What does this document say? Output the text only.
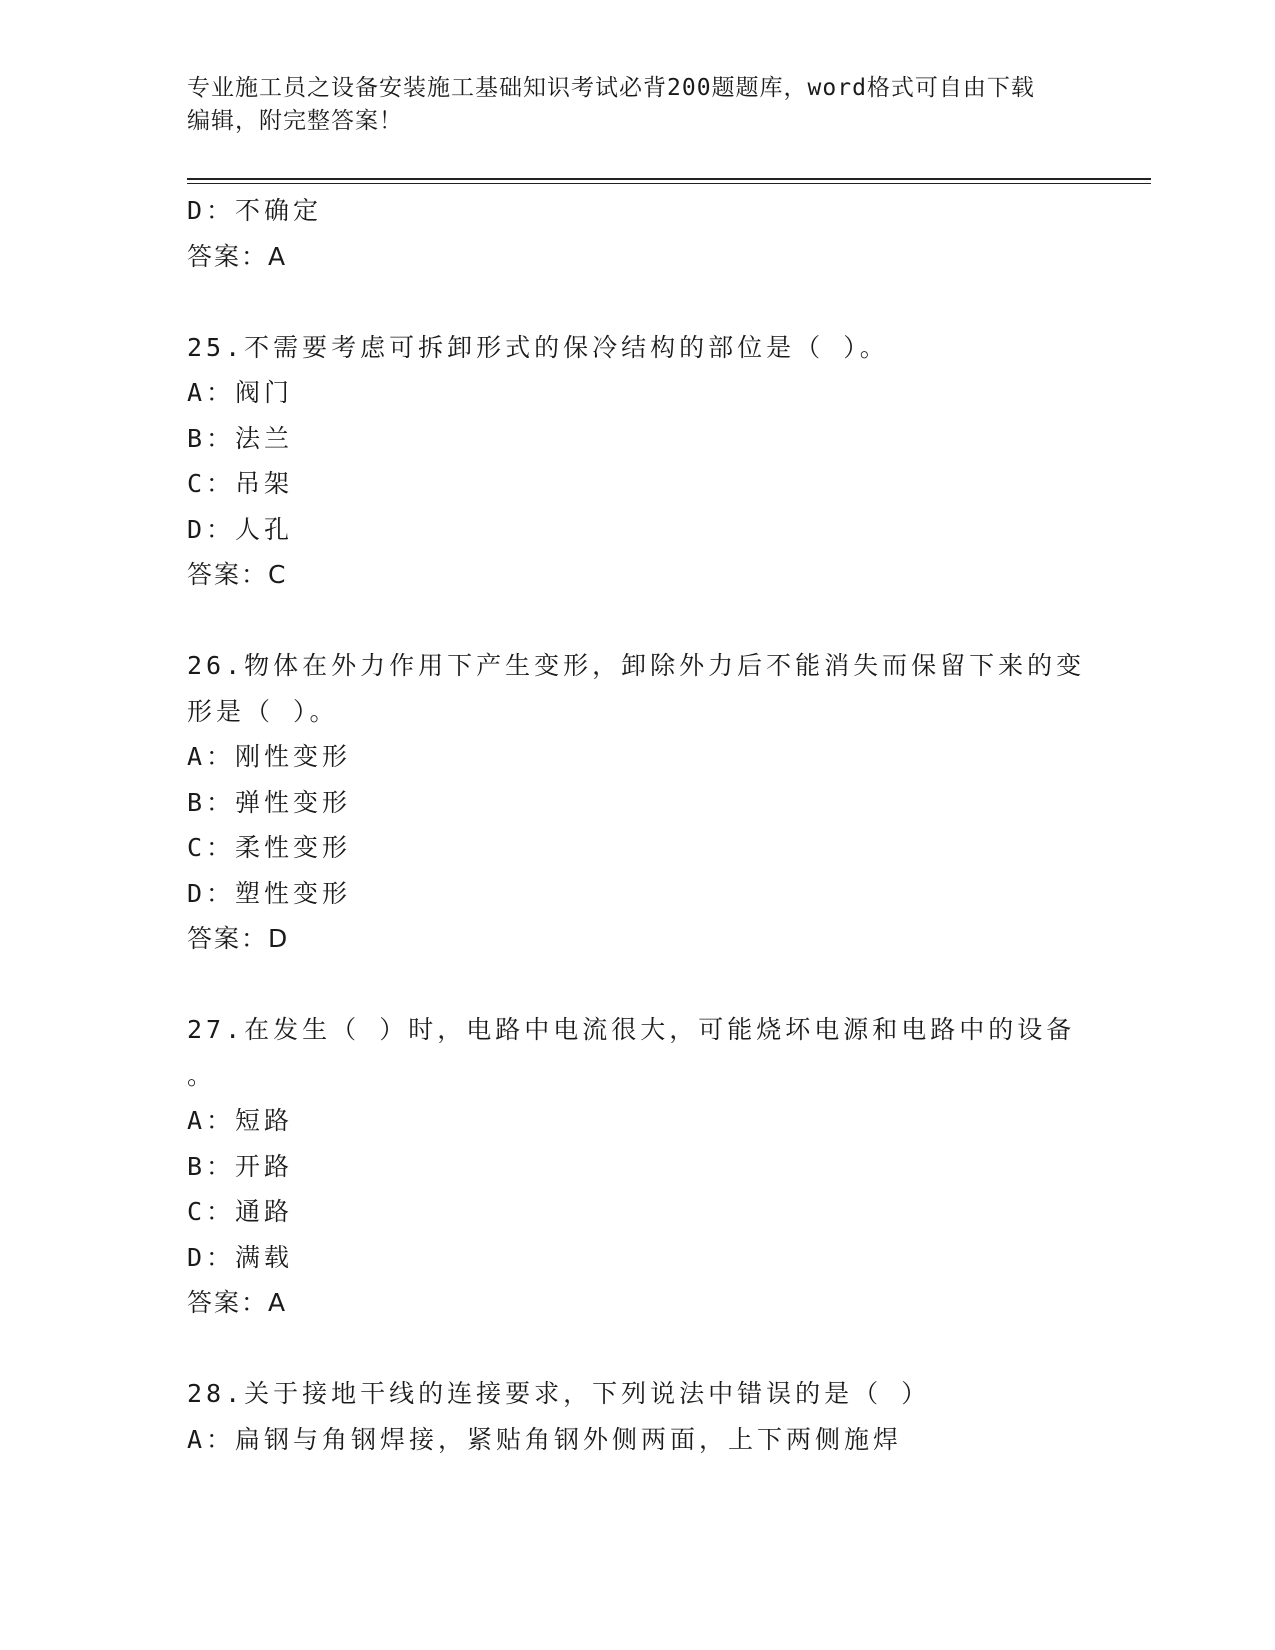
专业施工员之设备安装施工基础知识考试必背200题题库，word格式可自由下载
编辑，附完整答案！
D：不确定
答案：A
25.不需要考虑可拆卸形式的保冷结构的部位是（ ）。
A：阀门
B：法兰
C：吊架
D：人孔
答案：C
26.物体在外力作用下产生变形，卸除外力后不能消失而保留下来的变
形是（ ）。
A：刚性变形
B：弹性变形
C：柔性变形
D：塑性变形
答案：D
27.在发生（ ）时，电路中电流很大，可能烧坏电源和电路中的设备
。
A：短路
B：开路
C：通路
D：满载
答案：A
28.关于接地干线的连接要求，下列说法中错误的是（ ）
A：扁钢与角钢焊接，紧贴角钢外侧两面，上下两侧施焊
